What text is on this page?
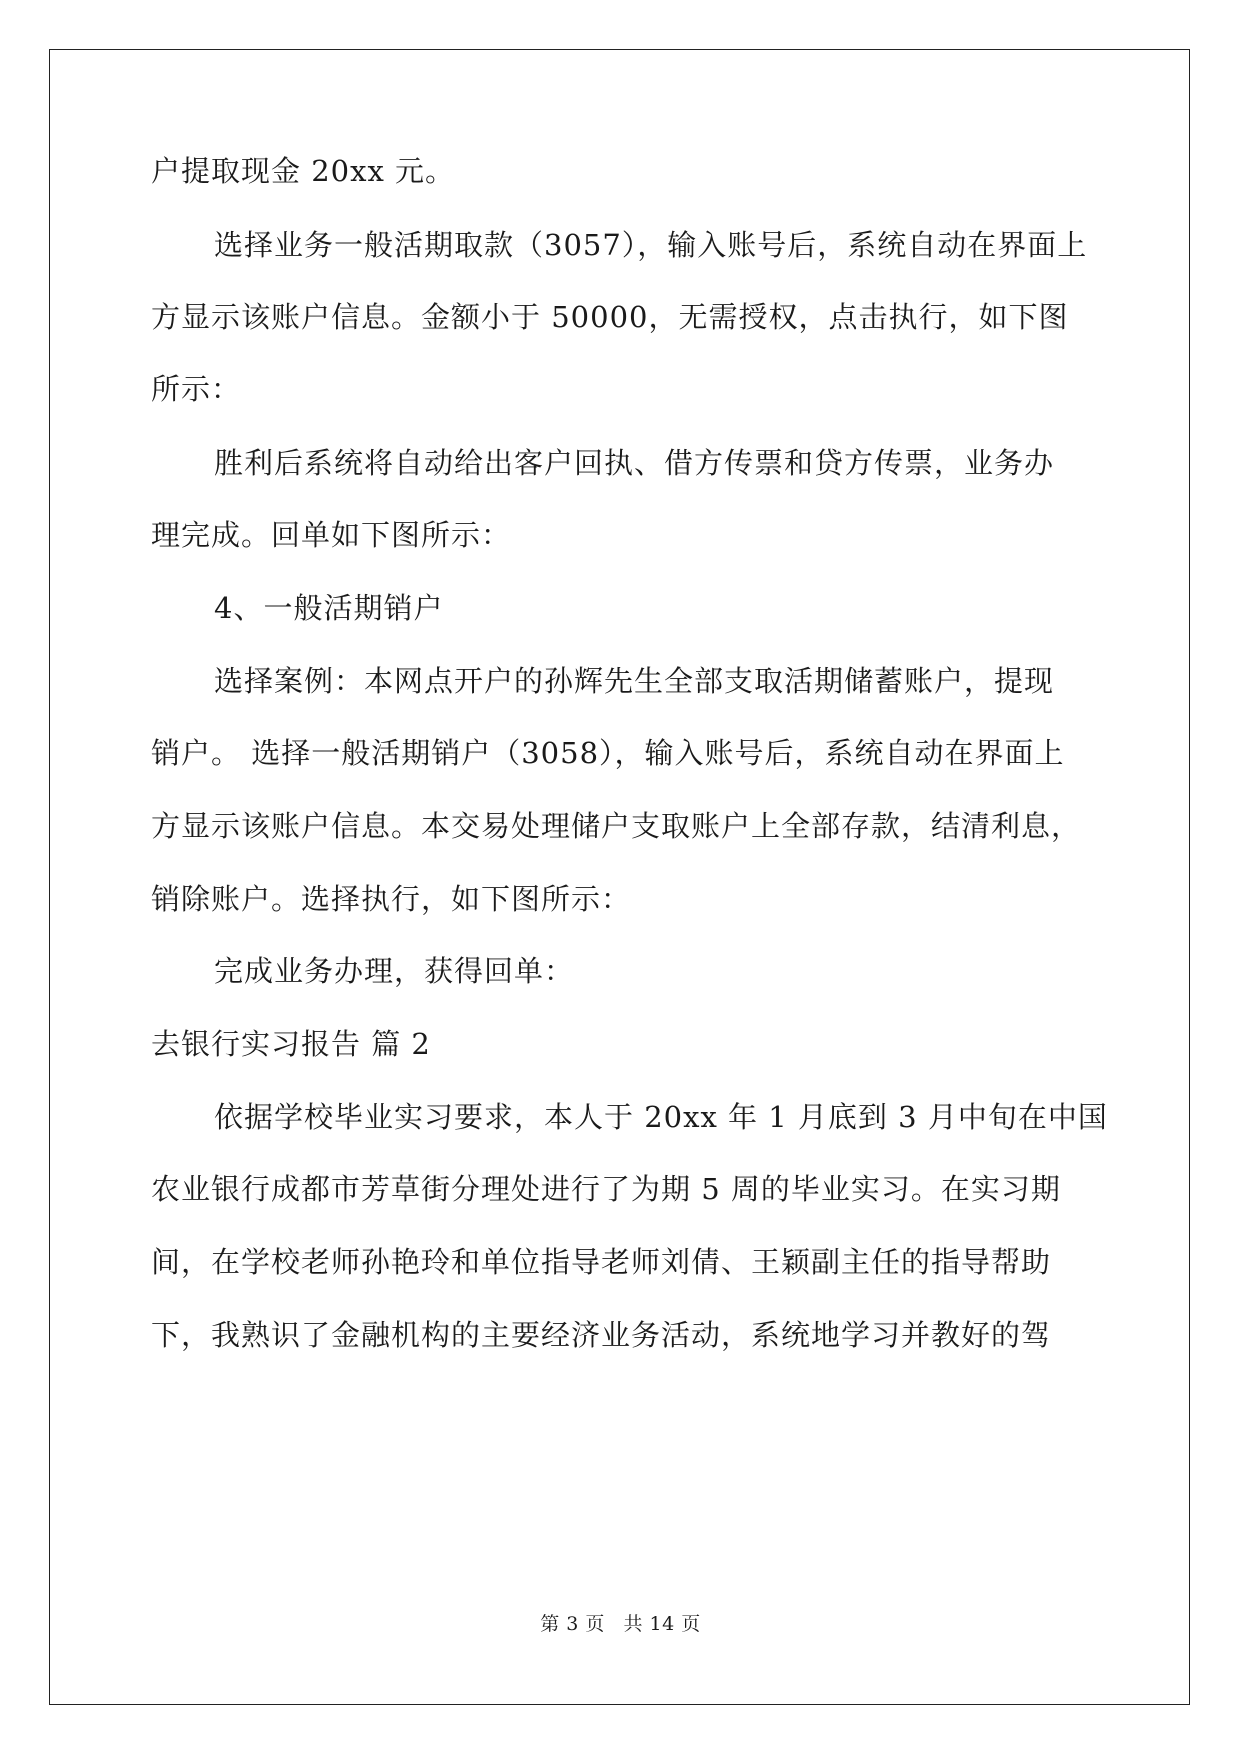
户提取现金 20xx 元。
选择业务一般活期取款（3057），输入账号后，系统自动在界面上
方显示该账户信息。金额小于 50000，无需授权，点击执行，如下图
所示：
胜利后系统将自动给出客户回执、借方传票和贷方传票，业务办
理完成。回单如下图所示：
4、一般活期销户
选择案例：本网点开户的孙辉先生全部支取活期储蓄账户，提现
销户。 选择一般活期销户（3058），输入账号后，系统自动在界面上
方显示该账户信息。本交易处理储户支取账户上全部存款，结清利息，
销除账户。选择执行，如下图所示：
完成业务办理，获得回单：
去银行实习报告 篇 2
依据学校毕业实习要求，本人于 20xx 年 1 月底到 3 月中旬在中国
农业银行成都市芳草街分理处进行了为期 5 周的毕业实习。在实习期
间，在学校老师孙艳玲和单位指导老师刘倩、王颖副主任的指导帮助
下，我熟识了金融机构的主要经济业务活动，系统地学习并教好的驾
第 3 页 共 14 页
